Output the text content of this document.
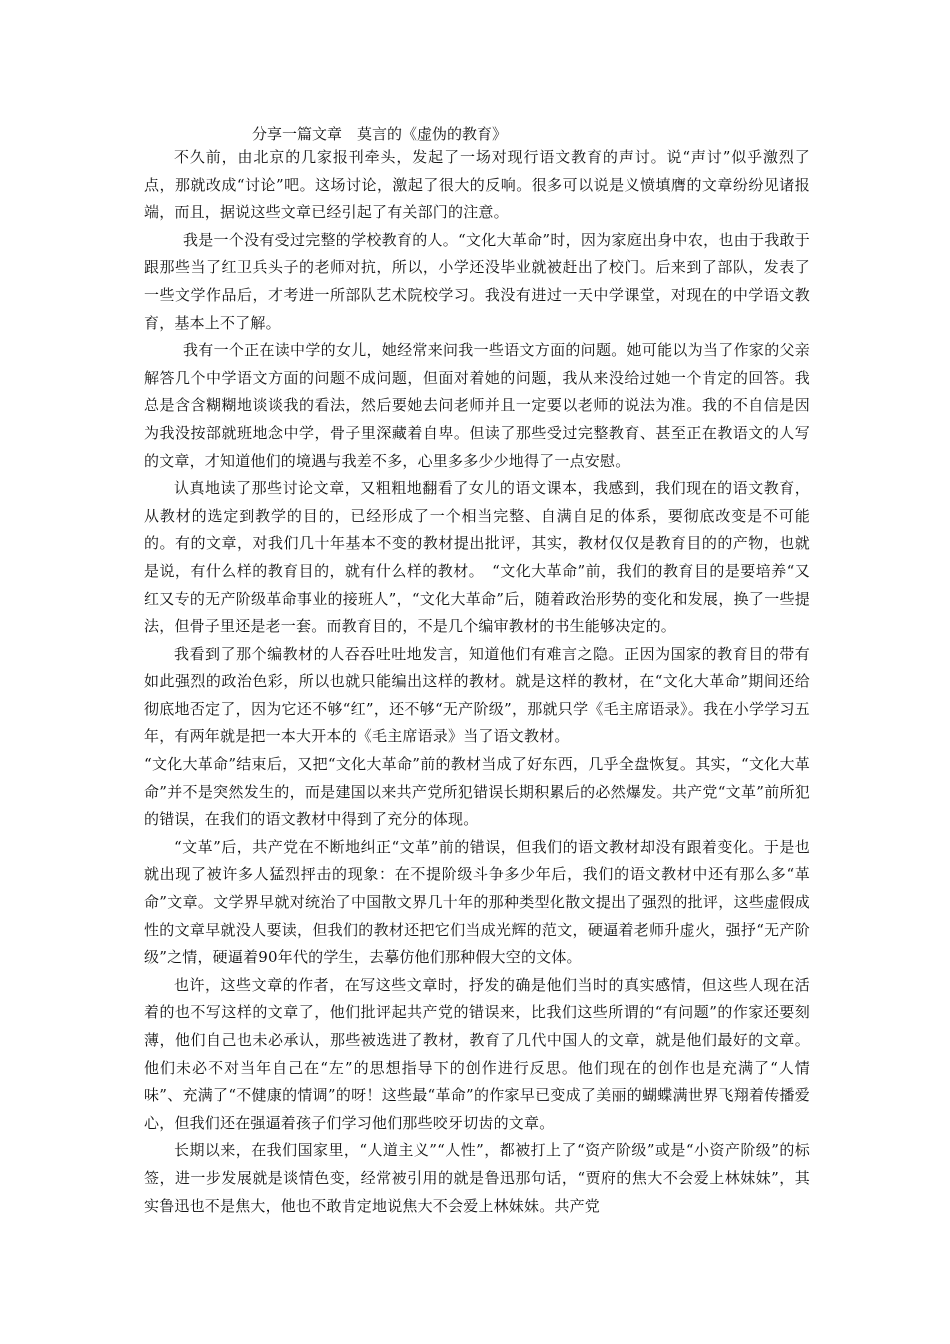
分享一篇文章　莫言的《虚伪的教育》

不久前，由北京的几家报刊牵头，发起了一场对现行语文教育的声讨。说“声讨”似乎激烈了点，那就改成“讨论”吧。这场讨论，激起了很大的反响。很多可以说是义愤填膺的文章纷纷见诸报端，而且，据说这些文章已经引起了有关部门的注意。

我是一个没有受过完整的学校教育的人。“文化大革命”时，因为家庭出身中农，也由于我敢于跟那些当了红卫兵头子的老师对抗，所以，小学还没毕业就被赶出了校门。后来到了部队，发表了一些文学作品后，才考进一所部队艺术院校学习。我没有进过一天中学课堂，对现在的中学语文教育，基本上不了解。

我有一个正在读中学的女儿，她经常来问我一些语文方面的问题。她可能以为当了作家的父亲解答几个中学语文方面的问题不成问题，但面对着她的问题，我从来没给过她一个肯定的回答。我总是含含糊糊地谈谈我的看法，然后要她去问老师并且一定要以老师的说法为准。我的不自信是因为我没按部就班地念中学，骨子里深藏着自卑。但读了那些受过完整教育、甚至正在教语文的人写的文章，才知道他们的境遇与我差不多，心里多多少少地得了一点安慰。

认真地读了那些讨论文章，又粗粗地翻看了女儿的语文课本，我感到，我们现在的语文教育，从教材的选定到教学的目的，已经形成了一个相当完整、自满自足的体系，要彻底改变是不可能的。有的文章，对我们几十年基本不变的教材提出批评，其实，教材仅仅是教育目的的产物，也就是说，有什么样的教育目的，就有什么样的教材。　“文化大革命”前，我们的教育目的是要培养“又红又专的无产阶级革命事业的接班人”，“文化大革命”后，随着政治形势的变化和发展，换了一些提法，但骨子里还是老一套。而教育目的，不是几个编审教材的书生能够决定的。

我看到了那个编教材的人吞吞吐吐地发言，知道他们有难言之隐。正因为国家的教育目的带有如此强烈的政治色彩，所以也就只能编出这样的教材。就是这样的教材，在“文化大革命”期间还给彻底地否定了，因为它还不够“红”，还不够“无产阶级”，那就只学《毛主席语录》。我在小学学习五年，有两年就是把一本大开本的《毛主席语录》当了语文教材。

“文化大革命”结束后，又把“文化大革命”前的教材当成了好东西，几乎全盘恢复。其实，“文化大革命”并不是突然发生的，而是建国以来共产党所犯错误长期积累后的必然爆发。共产党“文革”前所犯的错误，在我们的语文教材中得到了充分的体现。

“文革”后，共产党在不断地纠正“文革”前的错误，但我们的语文教材却没有跟着变化。于是也就出现了被许多人猛烈抨击的现象：在不提阶级斗争多少年后，我们的语文教材中还有那么多“革命”文章。文学界早就对统治了中国散文界几十年的那种类型化散文提出了强烈的批评，这些虚假成性的文章早就没人要读，但我们的教材还把它们当成光辉的范文，硬逼着老师升虚火，强抒“无产阶级”之情，硬逼着90年代的学生，去摹仿他们那种假大空的文体。

也许，这些文章的作者，在写这些文章时，抒发的确是他们当时的真实感情，但这些人现在活着的也不写这样的文章了，他们批评起共产党的错误来，比我们这些所谓的“有问题”的作家还要刻薄，他们自己也未必承认，那些被选进了教材，教育了几代中国人的文章，就是他们最好的文章。他们未必不对当年自己在“左”的思想指导下的创作进行反思。他们现在的创作也是充满了“人情味”、充满了“不健康的情调”的呀！这些最“革命”的作家早已变成了美丽的蝴蝶满世界飞翔着传播爱心，但我们还在强逼着孩子们学习他们那些咬牙切齿的文章。

长期以来，在我们国家里，“人道主义”“人性”，都被打上了“资产阶级”或是“小资产阶级”的标签，进一步发展就是谈情色变，经常被引用的就是鲁迅那句话，“贾府的焦大不会爱上林妹妹”，其实鲁迅也不是焦大，他也不敢肯定地说焦大不会爱上林妹妹。共产党
